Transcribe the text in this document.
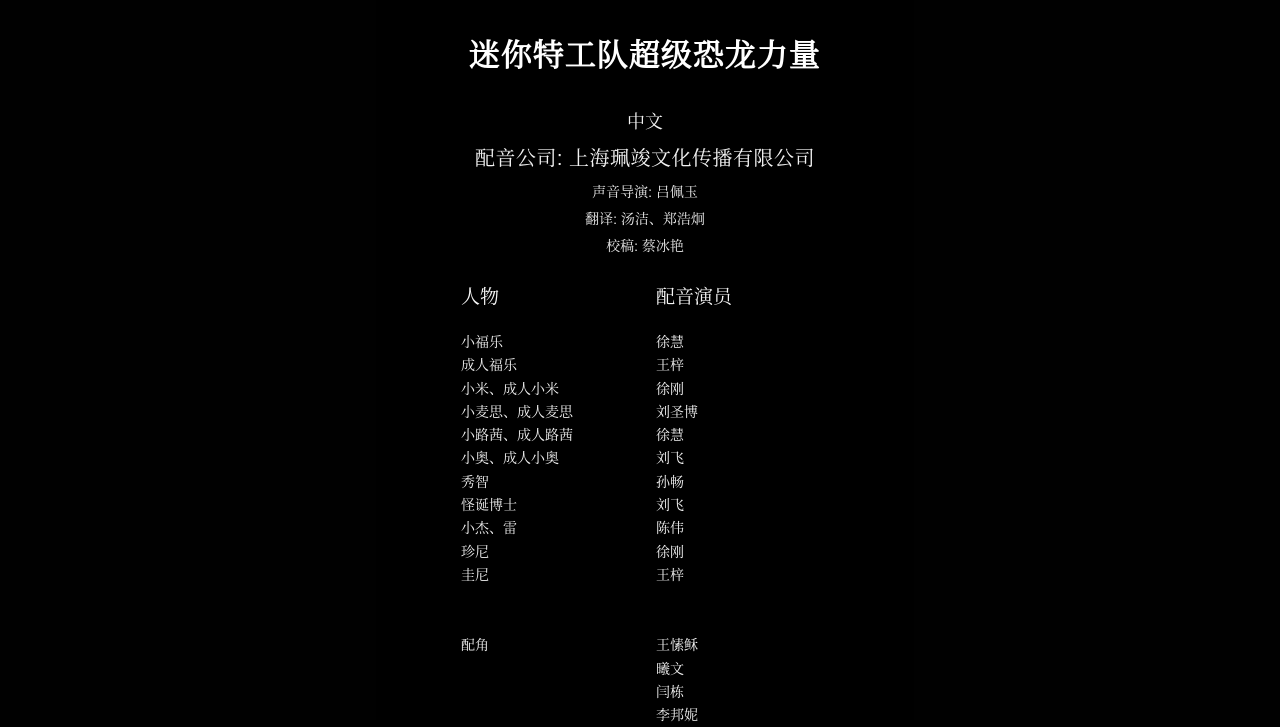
迷你特工队超级恐龙力量
中文
配音公司: 上海珮竣文化传播有限公司
声音导演: 吕佩玉
翻译: 汤洁、郑浩炯
校稿: 蔡冰艳
人物	配音演员
小福乐	徐慧
成人福乐	王梓
小米、成人小米	徐刚
小麦思、成人麦思	刘圣博
小路茜、成人路茜	徐慧
小奥、成人小奥	刘飞
秀智	孙畅
怪诞博士	刘飞
小杰、雷	陈伟
珍尼	徐刚
圭尼	王梓
配角	王愫稣
曦文
闫栋
李邦妮
